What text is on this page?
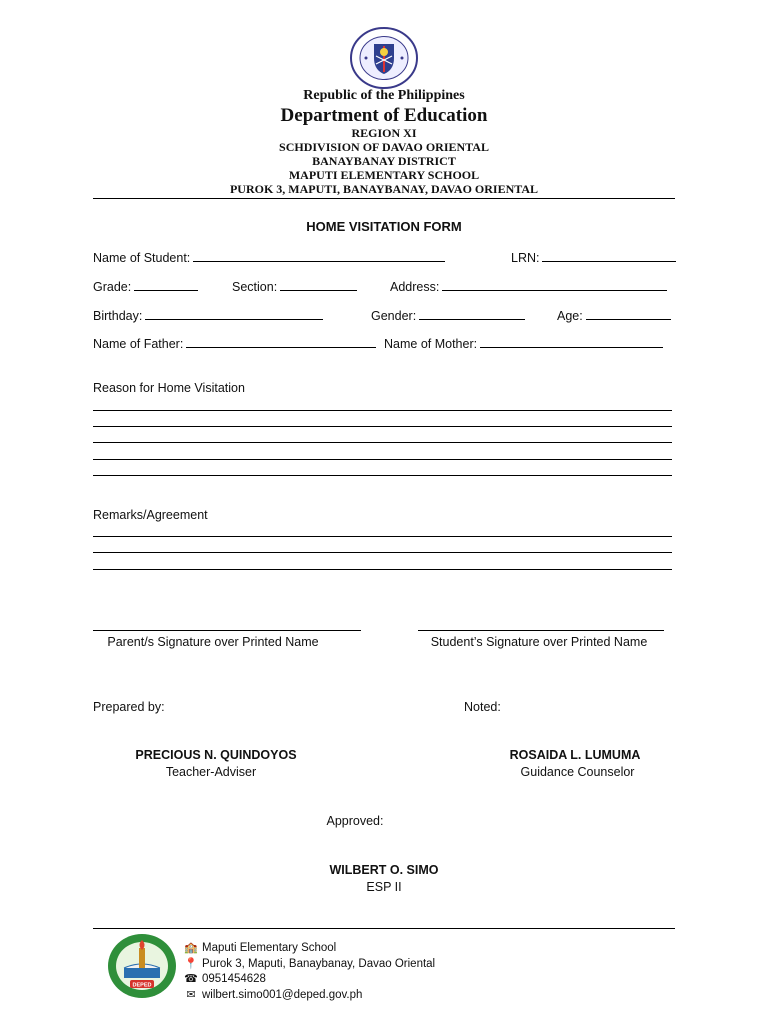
Republic of the Philippines
Department of Education
REGION XI
SCHDIVISION OF DAVAO ORIENTAL
BANAYBANAY DISTRICT
MAPUTI ELEMENTARY SCHOOL
PUROK 3, MAPUTI, BANAYBANAY, DAVAO ORIENTAL
HOME VISITATION FORM
Name of Student:	LRN:
Grade:	Section:	Address:
Birthday:	Gender:	Age:
Name of Father:	Name of Mother:
Reason for Home Visitation
Remarks/Agreement
Parent/s Signature over Printed Name	Student’s Signature over Printed Name
Prepared by:	Noted:
PRECIOUS N. QUINDOYOS
Teacher-Adviser
ROSAIDA L. LUMUMA
Guidance Counselor
Approved:
WILBERT O. SIMO
ESP II
DEPED
🏫 Maputi Elementary School
📍 Purok 3, Maputi, Banaybanay, Davao Oriental
☎ 0951454628
✉ wilbert.simo001@deped.gov.ph
